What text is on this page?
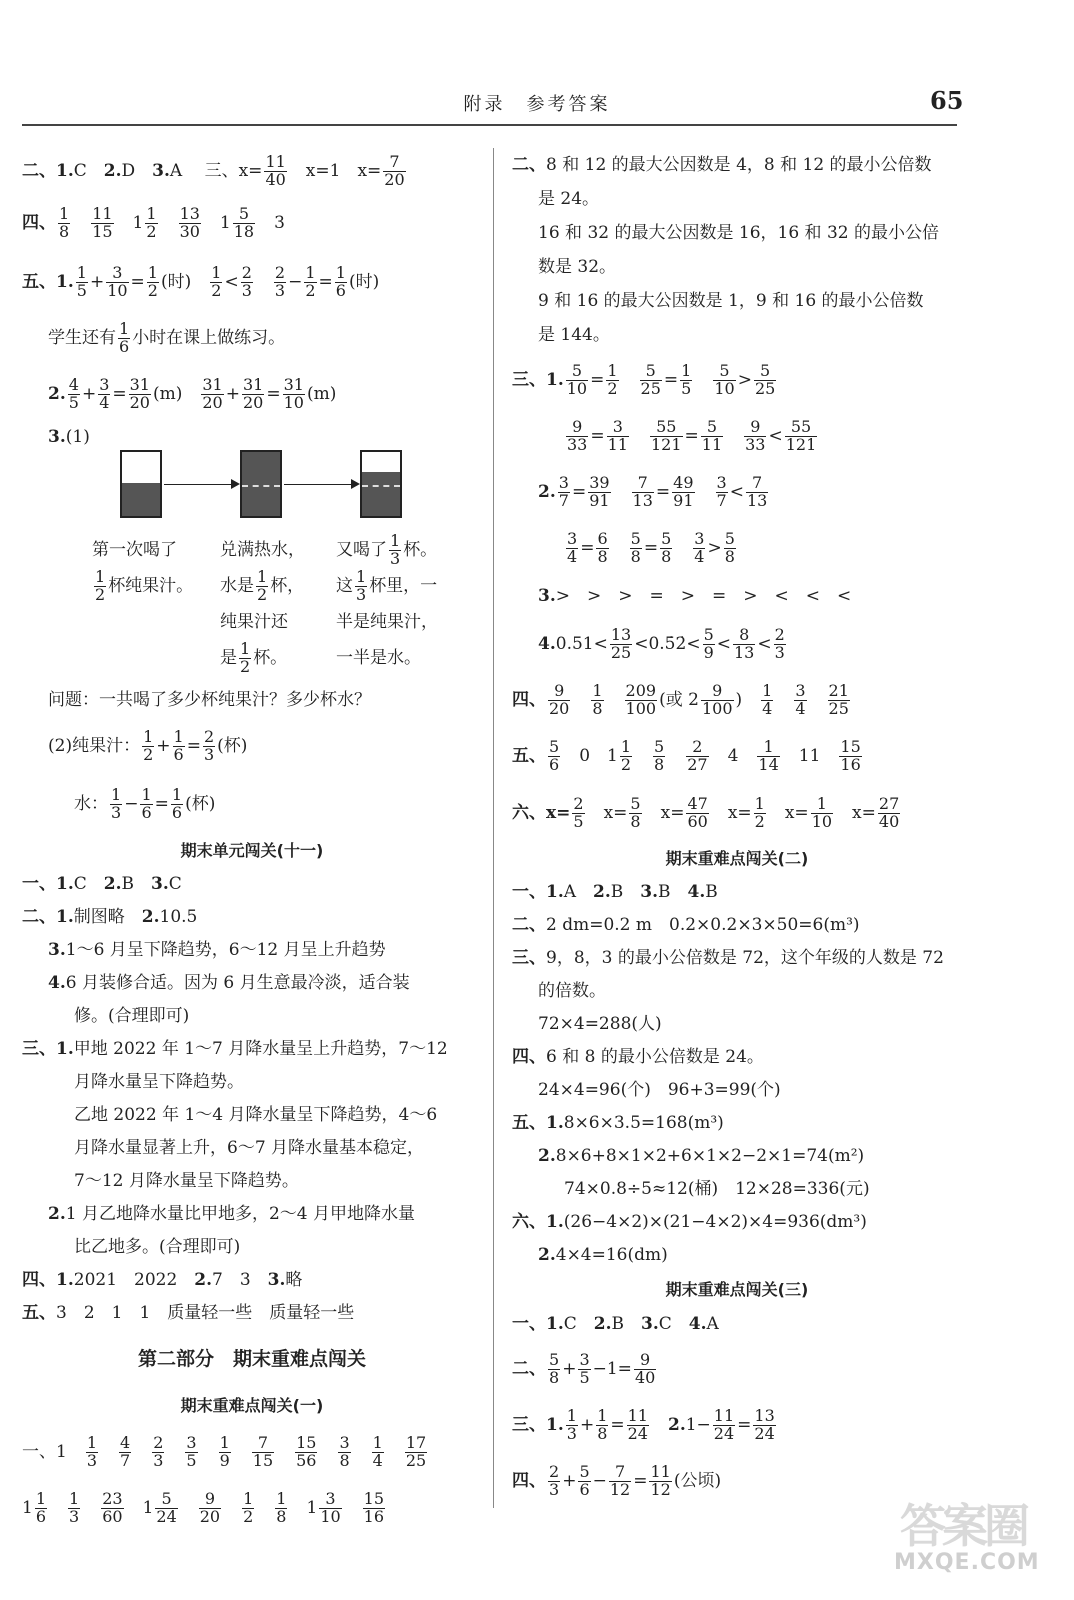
附录　参考答案	65
二、1.C　 2.D　 3.A　 三、$x= \frac{11}{40}$
　 x=1　 $x= \frac{7}{20}$
四、 $\frac{1}{8}$
　 $\frac{11}{15}$
　 $1 \frac{1}{2}$
　 $\frac{13}{30}$
　 $1 \frac{5}{18}$
　 3
五、1. $\frac{1}{5} + \frac{3}{10} = \frac{1}{2}$ (时)　 $\frac{1}{2} < \frac{2}{3}$
　 $\frac{2}{3} - \frac{1}{2} = \frac{1}{6}$ (时)
学生还有 $\frac{1}{6}$ 小时在课上做练习。
2. $\frac{4}{5} + \frac{3}{4} = \frac{31}{20} (m)$　 $\frac{31}{20} + \frac{31}{20} = \frac{31}{10} (m)$
3.(1)
第一次喝了
$\frac{1}{2}$ 杯纯果汁。
兑满热水，
水是 $\frac{1}{2}$ 杯，
纯果汁还
是 $\frac{1}{2}$ 杯。
又喝了 $\frac{1}{3}$ 杯。
这 $\frac{1}{3}$ 杯里，一
半是纯果汁，
一半是水。
问题：一共喝了多少杯纯果汁？多少杯水？
(2)纯果汁： $\frac{1}{2} + \frac{1}{6} = \frac{2}{3}$ (杯)
水： $\frac{1}{3} - \frac{1}{6} = \frac{1}{6}$ (杯)
期末单元闯关(十一)
一、1.C　 2.B　 3.C
二、1.制图略　 2.10.5
3.1～6 月呈下降趋势，6～12 月呈上升趋势
4.6 月装修合适。因为 6 月生意最冷淡，适合装
修。(合理即可)
三、1.甲地 2022 年 1～7 月降水量呈上升趋势，7～12
月降水量呈下降趋势。
乙地 2022 年 1～4 月降水量呈下降趋势，4～6
月降水量显著上升，6～7 月降水量基本稳定，
7～12 月降水量呈下降趋势。
2.1 月乙地降水量比甲地多，2～4 月甲地降水量
比乙地多。(合理即可)
四、1.2021　2022　 2.7　3　 3.略
五、3　2　1　1　质量轻一些　质量轻一些
第二部分　期末重难点闯关
期末重难点闯关(一)
一、1　 $\frac{1}{3}$
　 $\frac{4}{7}$
　 $\frac{2}{3}$
　 $\frac{3}{5}$
　 $\frac{1}{9}$
　 $\frac{7}{15}$
　 $\frac{15}{56}$
　 $\frac{3}{8}$
　 $\frac{1}{4}$
　 $\frac{17}{25}$
$1 \frac{1}{6}$
　 $\frac{1}{3}$
　 $\frac{23}{60}$
　 $1 \frac{5}{24}$
　 $\frac{9}{20}$
　 $\frac{1}{2}$
　 $\frac{1}{8}$
　 $1 \frac{3}{10}$
　 $\frac{15}{16}$
二、8 和 12 的最大公因数是 4，8 和 12 的最小公倍数
是 24。
16 和 32 的最大公因数是 16，16 和 32 的最小公倍
数是 32。
9 和 16 的最大公因数是 1，9 和 16 的最小公倍数
是 144。
三、1. $\frac{5}{10} = \frac{1}{2}$
　 $\frac{5}{25} = \frac{1}{5}$
　 $\frac{5}{10} > \frac{5}{25}$
$\frac{9}{33} = \frac{3}{11}$
　 $\frac{55}{121} = \frac{5}{11}$
　 $\frac{9}{33} < \frac{55}{121}$
2. $\frac{3}{7} = \frac{39}{91}$
　 $\frac{7}{13} = \frac{49}{91}$
　 $\frac{3}{7} < \frac{7}{13}$
$\frac{3}{4} = \frac{6}{8}$
　 $\frac{5}{8} = \frac{5}{8}$
　 $\frac{3}{4} > \frac{5}{8}$
3.>　>　>　=　>　=　>　<　<　<
$4.0.51< \frac{13}{25}$ <0.5̇2̇< $\frac{5}{9} < \frac{8}{13} < \frac{2}{3}$
四、 $\frac{9}{20}$
　 $\frac{1}{8}$
　 $\frac{209}{100}$ (或 $2 \frac{9}{100}$ )　 $\frac{1}{4}$
　 $\frac{3}{4}$
　 $\frac{21}{25}$
五、 $\frac{5}{6}$
　 0　 $1 \frac{1}{2}$
　 $\frac{5}{8}$
　 $\frac{2}{27}$
　 4　 $\frac{1}{14}$
　 11　 $\frac{15}{16}$
六、$x= \frac{2}{5}$
　 $x= \frac{5}{8}$
　 $x= \frac{47}{60}$
　 $x= \frac{1}{2}$
　 $x= \frac{1}{10}$
　 $x= \frac{27}{40}$
期末重难点闯关(二)
一、1.A　 2.B　 3.B　 4.B
二、2 dm=0.2 m　0.2×0.2×3×50=6(m³)
三、9，8，3 的最小公倍数是 72，这个年级的人数是 72
的倍数。
72×4=288(人)
四、6 和 8 的最小公倍数是 24。
24×4=96(个)　96+3=99(个)
五、1.8×6×3.5=168(m³)
2.8×6+8×1×2+6×1×2−2×1=74(m²)
74×0.8÷5≈12(桶)　12×28=336(元)
六、1.(26−4×2)×(21−4×2)×4=936(dm³)
2.4×4=16(dm)
期末重难点闯关(三)
一、1.C　 2.B　 3.C　 4.A
二、 $\frac{5}{8} + \frac{3}{5} -1= \frac{9}{40}$
三、1. $\frac{1}{3} + \frac{1}{8} = \frac{11}{24}$
　 $2.1- \frac{11}{24} = \frac{13}{24}$
四、 $\frac{2}{3} + \frac{5}{6} - \frac{7}{12} = \frac{11}{12}$ (公顷)
答案圈
MXQE.COM
